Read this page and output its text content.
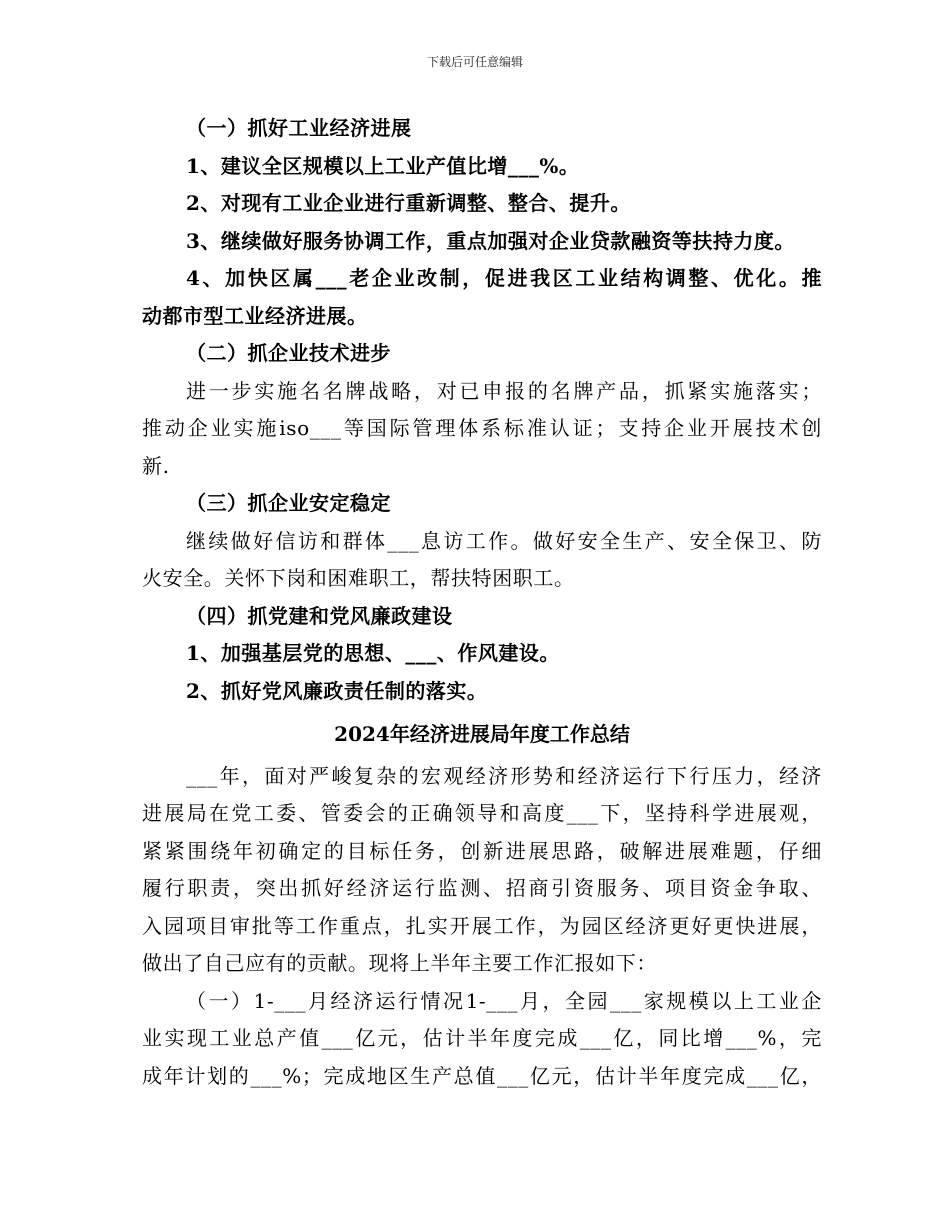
下载后可任意编辑
（一）抓好工业经济进展
1、建议全区规模以上工业产值比增___%。
2、对现有工业企业进行重新调整、整合、提升。
3、继续做好服务协调工作，重点加强对企业贷款融资等扶持力度。
4、加快区属___老企业改制，促进我区工业结构调整、优化。推
动都市型工业经济进展。
（二）抓企业技术进步
进一步实施名名牌战略，对已申报的名牌产品，抓紧实施落实；
推动企业实施iso___等国际管理体系标准认证；支持企业开展技术创
新.
（三）抓企业安定稳定
继续做好信访和群体___息访工作。做好安全生产、安全保卫、防
火安全。关怀下岗和困难职工，帮扶特困职工。
（四）抓党建和党风廉政建设
1、加强基层党的思想、___、作风建设。
2、抓好党风廉政责任制的落实。
2024年经济进展局年度工作总结
___年，面对严峻复杂的宏观经济形势和经济运行下行压力，经济
进展局在党工委、管委会的正确领导和高度___下，坚持科学进展观，
紧紧围绕年初确定的目标任务，创新进展思路，破解进展难题，仔细
履行职责，突出抓好经济运行监测、招商引资服务、项目资金争取、
入园项目审批等工作重点，扎实开展工作，为园区经济更好更快进展，
做出了自己应有的贡献。现将上半年主要工作汇报如下：
（一）1-___月经济运行情况1-___月，全园___家规模以上工业企
业实现工业总产值___亿元，估计半年度完成___亿，同比增___%，完
成年计划的___%；完成地区生产总值___亿元，估计半年度完成___亿，
